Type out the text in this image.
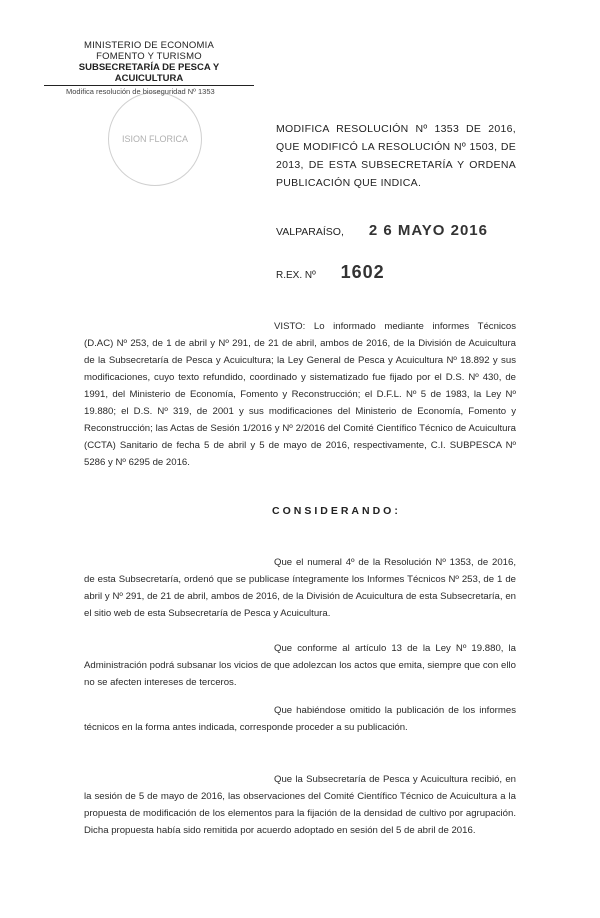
MINISTERIO DE ECONOMIA
FOMENTO Y TURISMO
SUBSECRETARÍA DE PESCA Y ACUICULTURA
Modifica resolución de bioseguridad Nº 1353
ISION FLORICA
MODIFICA RESOLUCIÓN Nº 1353 DE 2016, QUE MODIFICÓ LA RESOLUCIÓN Nº 1503, DE 2013, DE ESTA SUBSECRETARÍA Y ORDENA PUBLICACIÓN QUE INDICA.
VALPARAÍSO, 2 6 MAYO 2016
R.EX. Nº 1602
VISTO: Lo informado mediante informes Técnicos (D.AC) Nº 253, de 1 de abril y Nº 291, de 21 de abril, ambos de 2016, de la División de Acuicultura de la Subsecretaría de Pesca y Acuicultura; la Ley General de Pesca y Acuicultura Nº 18.892 y sus modificaciones, cuyo texto refundido, coordinado y sistematizado fue fijado por el D.S. Nº 430, de 1991, del Ministerio de Economía, Fomento y Reconstrucción; el D.F.L. Nº 5 de 1983, la Ley Nº 19.880; el D.S. Nº 319, de 2001 y sus modificaciones del Ministerio de Economía, Fomento y Reconstrucción; las Actas de Sesión 1/2016 y Nº 2/2016 del Comité Científico Técnico de Acuicultura (CCTA) Sanitario de fecha 5 de abril y 5 de mayo de 2016, respectivamente, C.I. SUBPESCA Nº 5286 y Nº 6295 de 2016.
CONSIDERANDO:
Que el numeral 4º de la Resolución Nº 1353, de 2016, de esta Subsecretaría, ordenó que se publicase íntegramente los Informes Técnicos Nº 253, de 1 de abril y Nº 291, de 21 de abril, ambos de 2016, de la División de Acuicultura de esta Subsecretaría, en el sitio web de esta Subsecretaría de Pesca y Acuicultura.
Que conforme al artículo 13 de la Ley Nº 19.880, la Administración podrá subsanar los vicios de que adolezcan los actos que emita, siempre que con ello no se afecten intereses de terceros.
Que habiéndose omitido la publicación de los informes técnicos en la forma antes indicada, corresponde proceder a su publicación.
Que la Subsecretaría de Pesca y Acuicultura recibió, en la sesión de 5 de mayo de 2016, las observaciones del Comité Científico Técnico de Acuicultura a la propuesta de modificación de los elementos para la fijación de la densidad de cultivo por agrupación. Dicha propuesta había sido remitida por acuerdo adoptado en sesión del 5 de abril de 2016.
